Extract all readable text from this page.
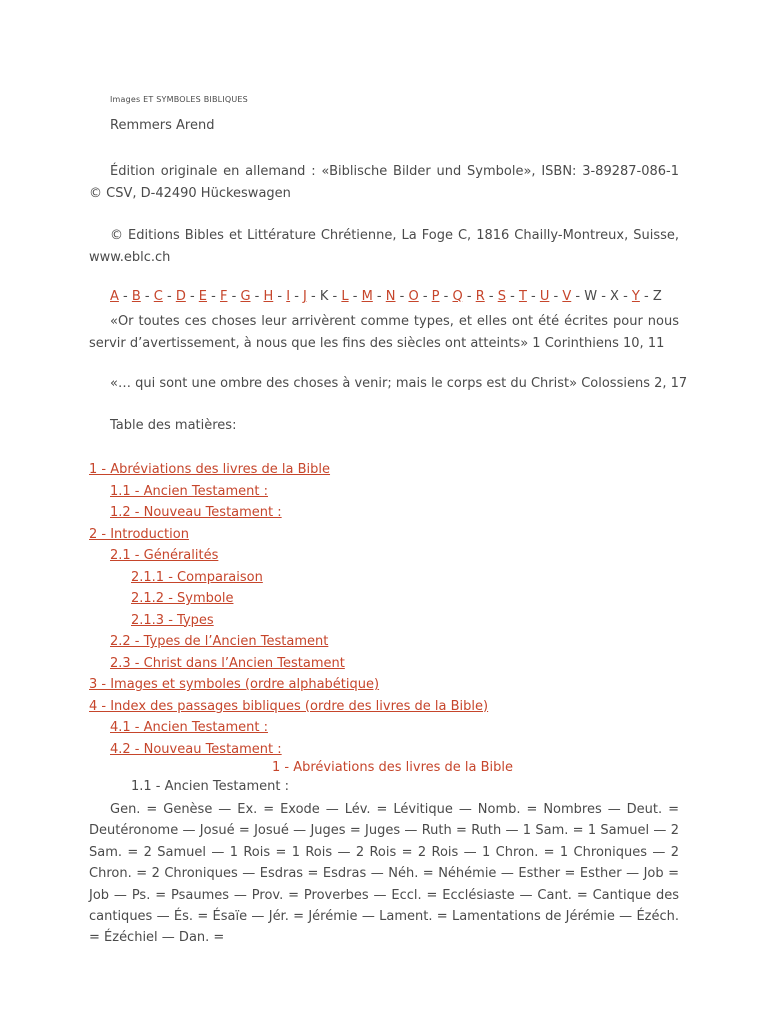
Images ET SYMBOLES BIBLIQUES
Remmers Arend
Édition originale en allemand : «Biblische Bilder und Symbole», ISBN: 3-89287-086-1 © CSV, D-42490 Hückeswagen
© Editions Bibles et Littérature Chrétienne, La Foge C, 1816 Chailly-Montreux, Suisse, www.eblc.ch
A - B - C - D - E - F - G - H - I - J - K - L - M - N - O - P - Q - R - S - T - U - V - W - X - Y - Z
«Or toutes ces choses leur arrivèrent comme types, et elles ont été écrites pour nous servir d’avertissement, à nous que les fins des siècles ont atteints» 1 Corinthiens 10, 11
«… qui sont une ombre des choses à venir; mais le corps est du Christ» Colossiens 2, 17
Table des matières:
1 - Abréviations des livres de la Bible
1.1 - Ancien Testament :
1.2 - Nouveau Testament :
2 - Introduction
2.1 - Généralités
2.1.1 - Comparaison
2.1.2 - Symbole
2.1.3 - Types
2.2 - Types de l’Ancien Testament
2.3 - Christ dans l’Ancien Testament
3 - Images et symboles (ordre alphabétique)
4 - Index des passages bibliques (ordre des livres de la Bible)
4.1 - Ancien Testament :
4.2 - Nouveau Testament :
1 - Abréviations des livres de la Bible
1.1 - Ancien Testament :
Gen. = Genèse — Ex. = Exode — Lév. = Lévitique — Nomb. = Nombres — Deut. = Deutéronome — Josué = Josué — Juges = Juges — Ruth = Ruth — 1 Sam. = 1 Samuel — 2 Sam. = 2 Samuel — 1 Rois = 1 Rois — 2 Rois = 2 Rois — 1 Chron. = 1 Chroniques — 2 Chron. = 2 Chroniques — Esdras = Esdras — Néh. = Néhémie — Esther = Esther — Job = Job — Ps. = Psaumes — Prov. = Proverbes — Eccl. = Ecclésiaste — Cant. = Cantique des cantiques — És. = Ésaïe — Jér. = Jérémie — Lament. = Lamentations de Jérémie — Ézéch. = Ézéchiel — Dan. =
